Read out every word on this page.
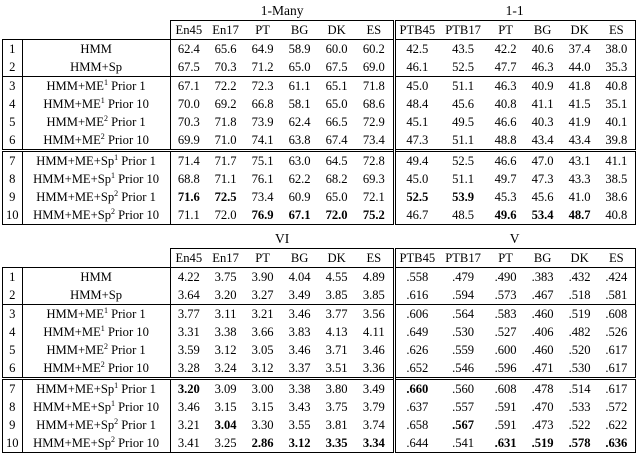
		1-Many						1-1					
		En45	En17	PT	BG	DK	ES	PTB45	PTB17	PT	BG	DK	ES
1	HMM	62.4	65.6	64.9	58.9	60.0	60.2	42.5	43.5	42.2	40.6	37.4	38.0
2	HMM+Sp	67.5	70.3	71.2	65.0	67.5	69.0	46.1	52.5	47.7	46.3	44.0	35.3
3	$HMM+ME^1$ Prior 1	67.1	72.2	72.3	61.1	65.1	71.8	45.0	51.1	46.3	40.9	41.8	40.8
4	$HMM+ME^1$ Prior 10	70.0	69.2	66.8	58.1	65.0	68.6	48.4	45.6	40.8	41.1	41.5	35.1
5	$HMM+ME^2$ Prior 1	70.3	71.8	73.9	62.4	66.5	72.9	45.1	49.5	46.6	40.3	41.9	40.1
6	$HMM+ME^2$ Prior 10	69.9	71.0	74.1	63.8	67.4	73.4	47.3	51.1	48.8	43.4	43.4	39.8
7	$HMM+ME+Sp^1$ Prior 1	71.4	71.7	75.1	63.0	64.5	72.8	49.4	52.5	46.6	47.0	43.1	41.1
8	$HMM+ME+Sp^1$ Prior 10	68.8	71.1	76.1	62.2	68.2	69.3	45.0	51.1	49.7	47.3	43.3	38.5
9	$HMM+ME+Sp^2$ Prior 1	71.6	72.5	73.4	60.9	65.0	72.1	52.5	53.9	45.3	45.6	41.0	38.6
10	$HMM+ME+Sp^2$ Prior 10	71.1	72.0	76.9	67.1	72.0	75.2	46.7	48.5	49.6	53.4	48.7	40.8
		VI						V					
		En45	En17	PT	BG	DK	ES	PTB45	PTB17	PT	BG	DK	ES
1	HMM	4.22	3.75	3.90	4.04	4.55	4.89	.558	.479	.490	.383	.432	.424
2	HMM+Sp	3.64	3.20	3.27	3.49	3.85	3.85	.616	.594	.573	.467	.518	.581
3	$HMM+ME^1$ Prior 1	3.77	3.11	3.21	3.46	3.77	3.56	.606	.564	.583	.460	.519	.608
4	$HMM+ME^1$ Prior 10	3.31	3.38	3.66	3.83	4.13	4.11	.649	.530	.527	.406	.482	.526
5	$HMM+ME^2$ Prior 1	3.59	3.12	3.05	3.46	3.71	3.46	.626	.559	.600	.460	.520	.617
6	$HMM+ME^2$ Prior 10	3.28	3.24	3.12	3.37	3.51	3.36	.652	.546	.596	.471	.530	.617
7	$HMM+ME+Sp^1$ Prior 1	3.20	3.09	3.00	3.38	3.80	3.49	.660	.560	.608	.478	.514	.617
8	$HMM+ME+Sp^1$ Prior 10	3.46	3.15	3.15	3.43	3.75	3.79	.637	.557	.591	.470	.533	.572
9	$HMM+ME+Sp^2$ Prior 1	3.21	3.04	3.30	3.55	3.81	3.74	.658	.567	.591	.473	.522	.622
10	$HMM+ME+Sp^2$ Prior 10	3.41	3.25	2.86	3.12	3.35	3.34	.644	.541	.631	.519	.578	.636
